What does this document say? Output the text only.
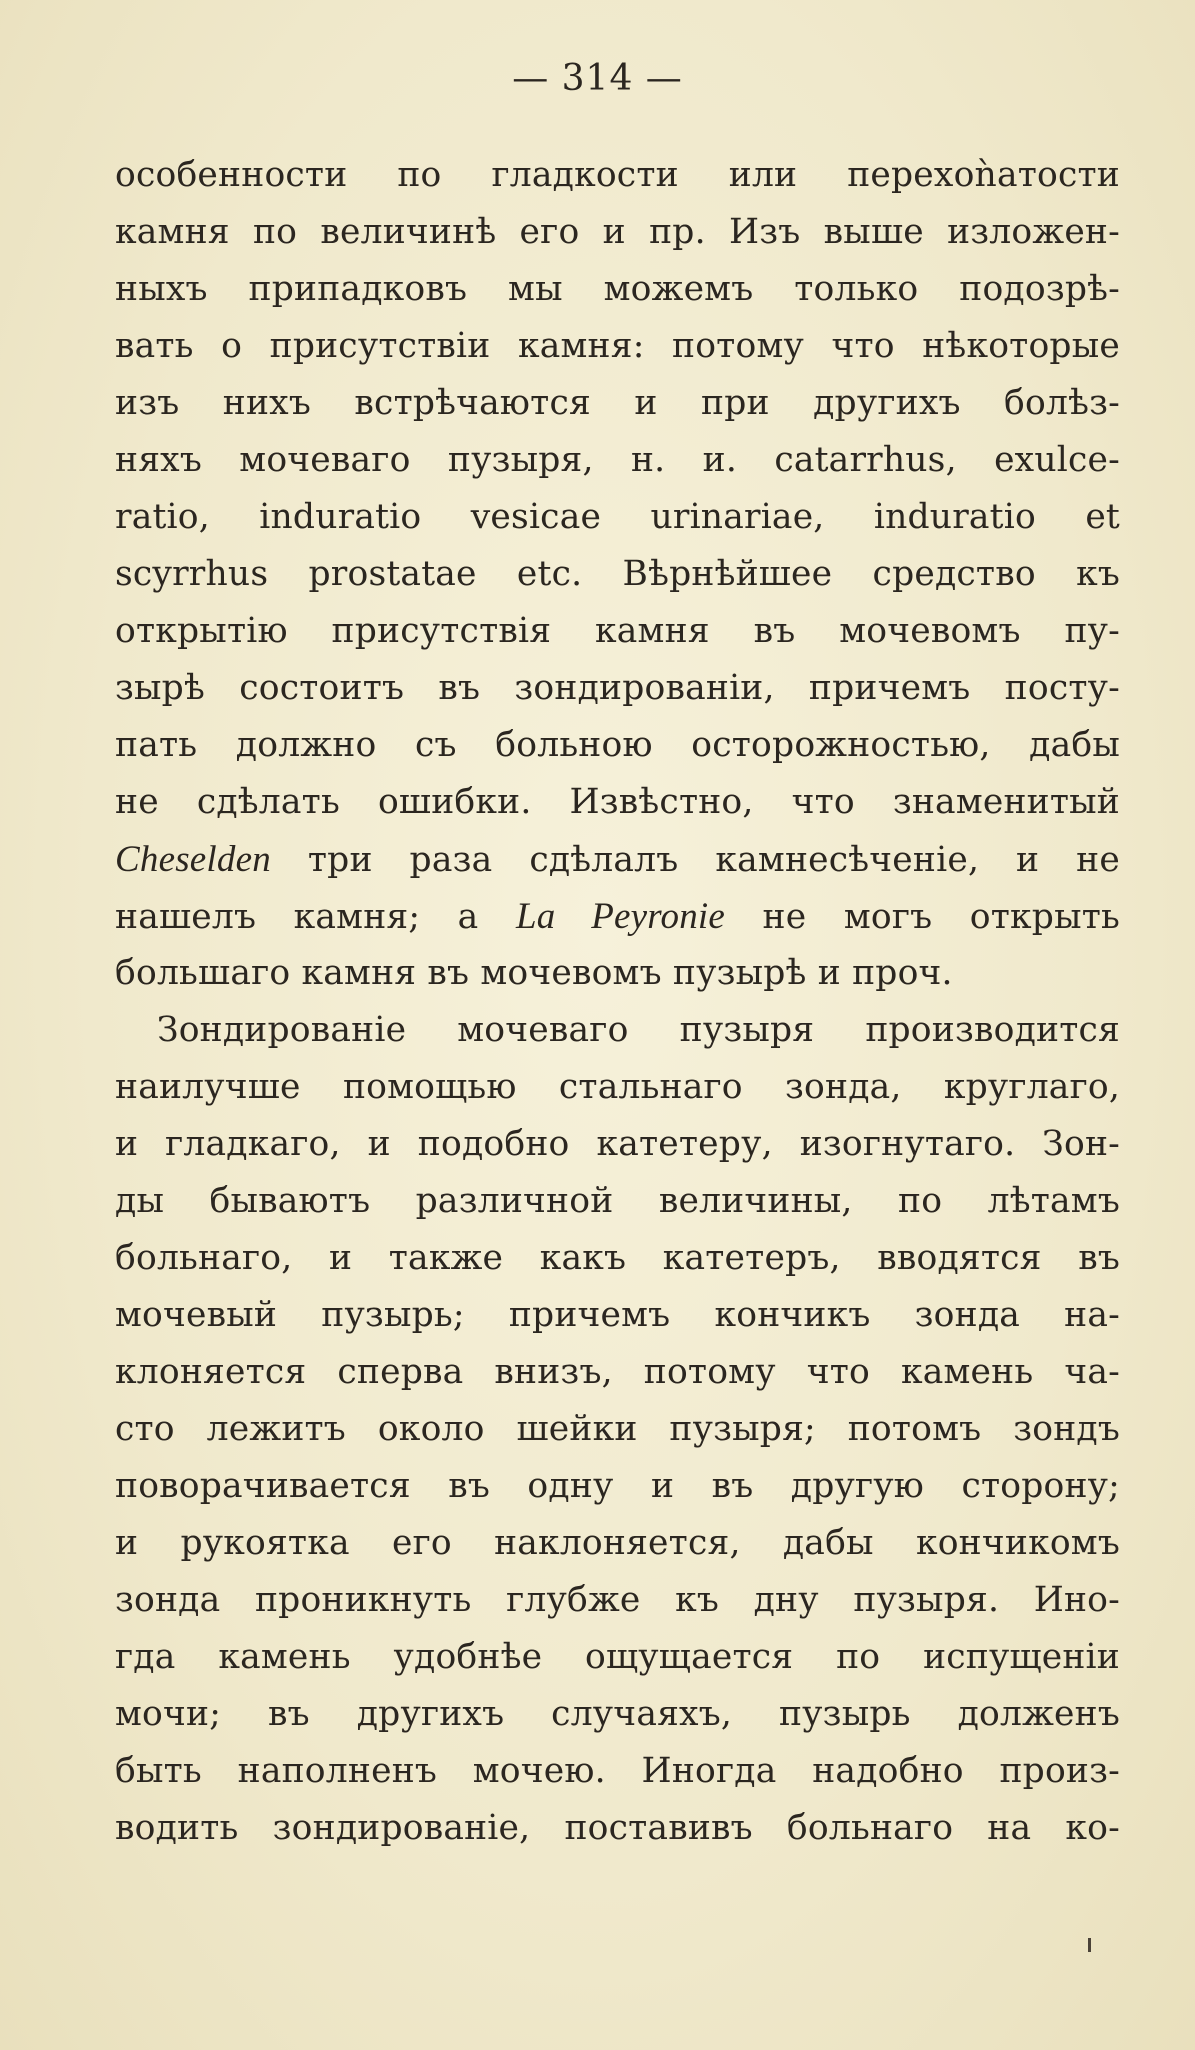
— 314 —
особенности по гладкости или перехоǹатости
камня по величинѣ его и пр. Изъ выше изложен-
ныхъ припадковъ мы можемъ только подозрѣ-
вать о присутствіи камня: потому что нѣкоторые
изъ нихъ встрѣчаются и при другихъ болѣз-
няхъ мочеваго пузыря, н. и. catarrhus, exulce-
ratio, induratio vesicae urinariae, induratio et
scyrrhus prostatae etc. Вѣрнѣйшее средство къ
открытію присутствія камня въ мочевомъ пу-
зырѣ состоитъ въ зондированіи, причемъ посту-
пать должно съ больною осторожностью, дабы
не сдѣлать ошибки. Извѣстно, что знаменитый
Cheselden три раза сдѣлалъ камнесѣченіе, и не
нашелъ камня; а La Peyronie не могъ открыть
большаго камня въ мочевомъ пузырѣ и проч.
Зондированіе мочеваго пузыря производится
наилучше помощью стальнаго зонда, круглаго,
и гладкаго, и подобно катетеру, изогнутаго. Зон-
ды бываютъ различной величины, по лѣтамъ
больнаго, и также какъ катетеръ, вводятся въ
мочевый пузырь; причемъ кончикъ зонда на-
клоняется сперва внизъ, потому что камень ча-
сто лежитъ около шейки пузыря; потомъ зондъ
поворачивается въ одну и въ другую сторону;
и рукоятка его наклоняется, дабы кончикомъ
зонда проникнуть глубже къ дну пузыря. Ино-
гда камень удобнѣе ощущается по испущеніи
мочи; въ другихъ случаяхъ, пузырь долженъ
быть наполненъ мочею. Иногда надобно произ-
водить зондированіе, поставивъ больнаго на ко-
